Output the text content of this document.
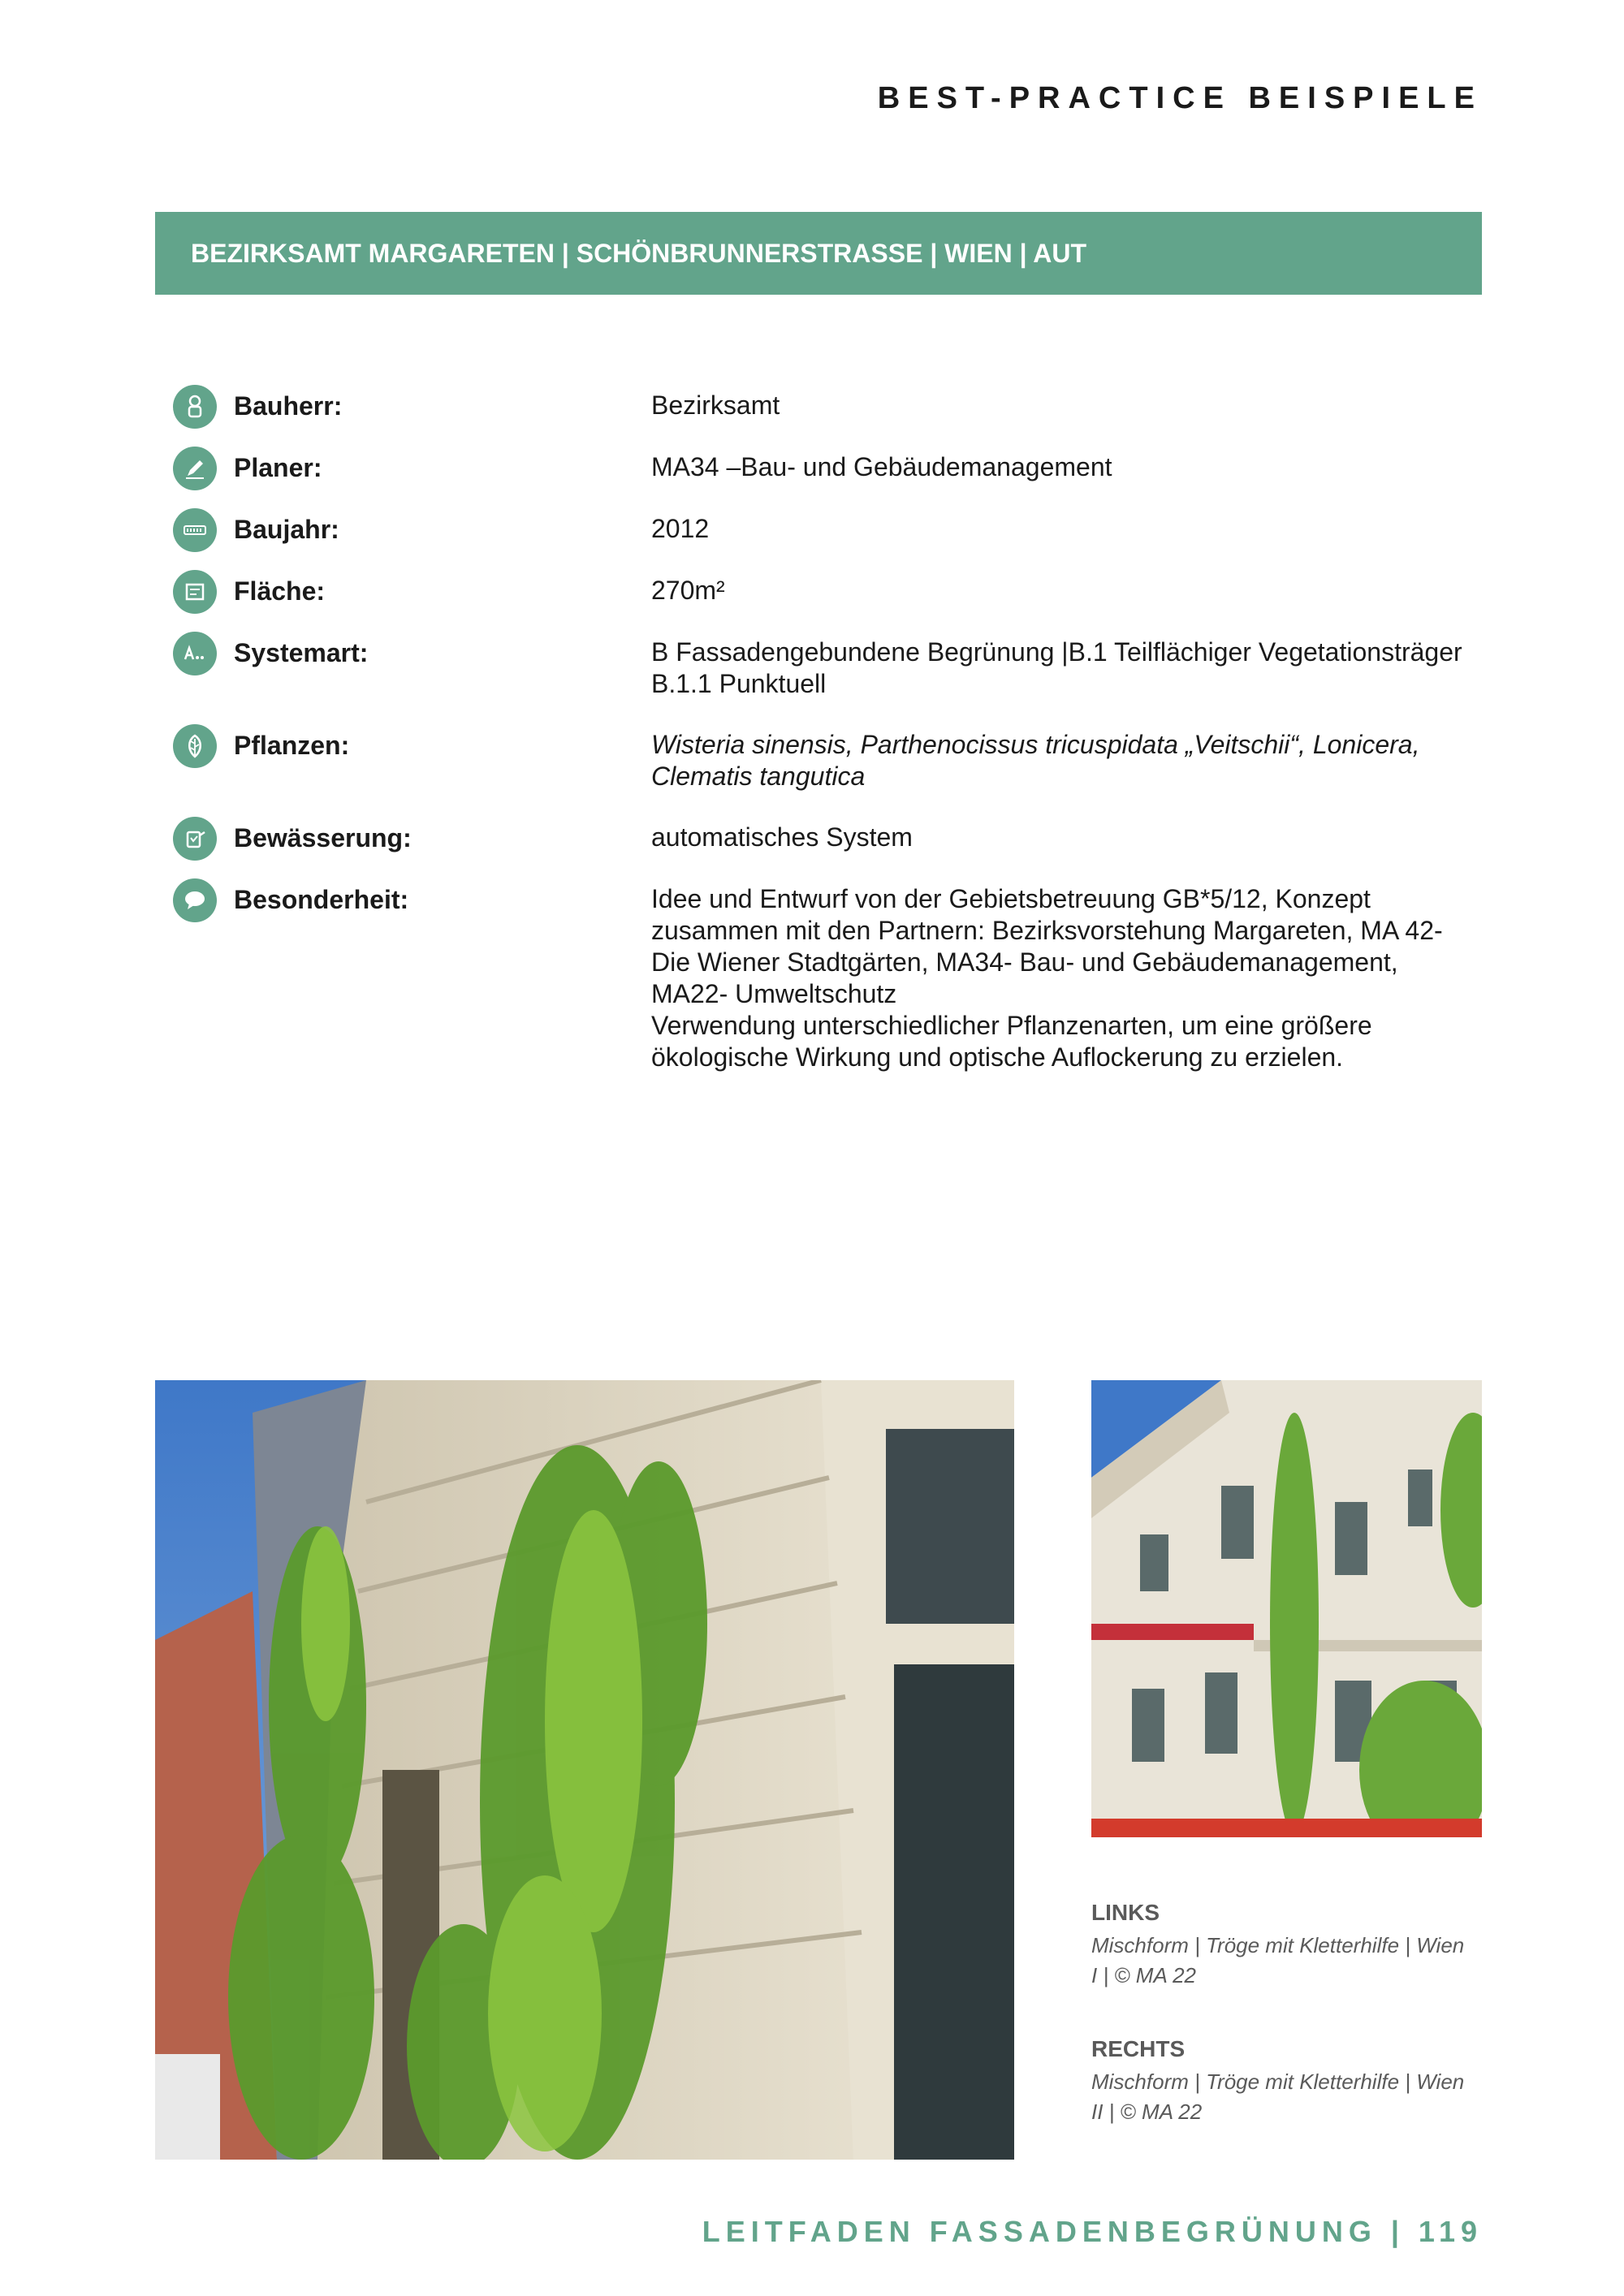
BEST-PRACTICE BEISPIELE
BEZIRKSAMT MARGARETEN | SCHÖNBRUNNERSTRASSE | WIEN | AUT
Bauherr:	Bezirksamt
Planer:	MA34 –Bau- und Gebäudemanagement
Baujahr:	2012
Fläche:	270m²
Systemart:	B Fassadengebundene Begrünung |B.1 Teilflächiger Vegetationsträger
B.1.1 Punktuell
Pflanzen:	Wisteria sinensis, Parthenocissus tricuspidata „Veitschii“, Lonicera,
Clematis tangutica
Bewässerung:	automatisches System
Besonderheit:	Idee und Entwurf von der Gebietsbetreuung GB*5/12, Konzept
zusammen mit den Partnern: Bezirksvorstehung Margareten, MA 42-
Die Wiener Stadtgärten, MA34- Bau- und Gebäudemanagement,
MA22- Umweltschutz
Verwendung unterschiedlicher Pflanzenarten, um eine größere
ökologische Wirkung und optische Auflockerung zu erzielen.
LINKS
Mischform | Tröge mit Kletterhilfe | Wien
I | © MA 22
RECHTS
Mischform | Tröge mit Kletterhilfe | Wien
II | © MA 22
LEITFADEN FASSADENBEGRÜNUNG | 119
